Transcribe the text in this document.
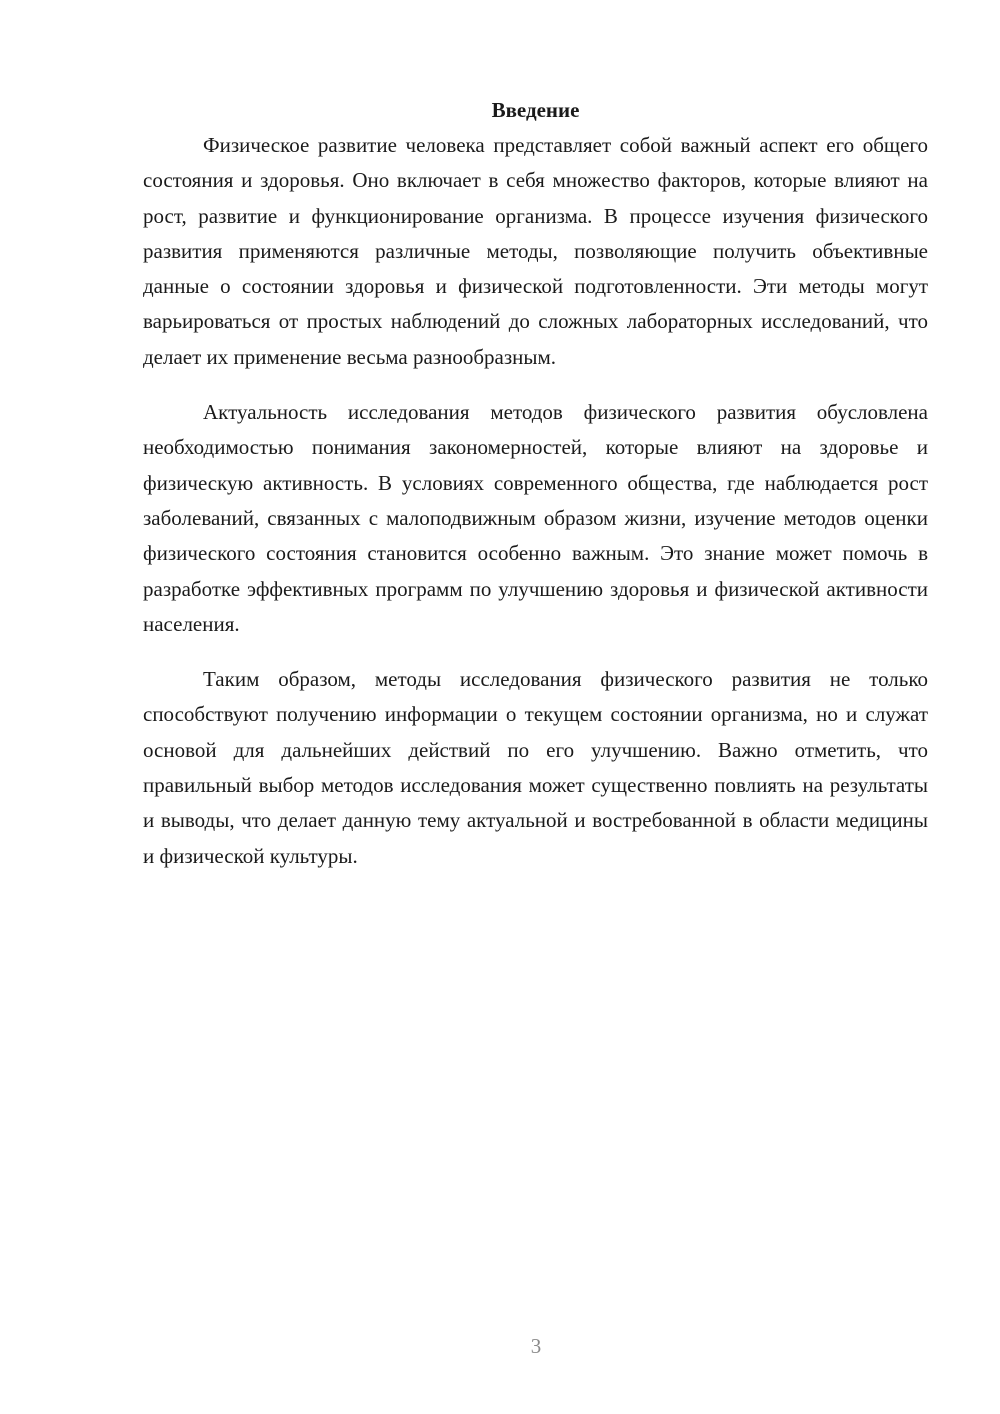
Введение

Физическое развитие человека представляет собой важный аспект его общего состояния и здоровья. Оно включает в себя множество факторов, которые влияют на рост, развитие и функционирование организма. В процессе изучения физического развития применяются различные методы, позволяющие получить объективные данные о состоянии здоровья и физической подготовленности. Эти методы могут варьироваться от простых наблюдений до сложных лабораторных исследований, что делает их применение весьма разнообразным.

Актуальность исследования методов физического развития обусловлена необходимостью понимания закономерностей, которые влияют на здоровье и физическую активность. В условиях современного общества, где наблюдается рост заболеваний, связанных с малоподвижным образом жизни, изучение методов оценки физического состояния становится особенно важным. Это знание может помочь в разработке эффективных программ по улучшению здоровья и физической активности населения.

Таким образом, методы исследования физического развития не только способствуют получению информации о текущем состоянии организма, но и служат основой для дальнейших действий по его улучшению. Важно отметить, что правильный выбор методов исследования может существенно повлиять на результаты и выводы, что делает данную тему актуальной и востребованной в области медицины и физической культуры.

3
